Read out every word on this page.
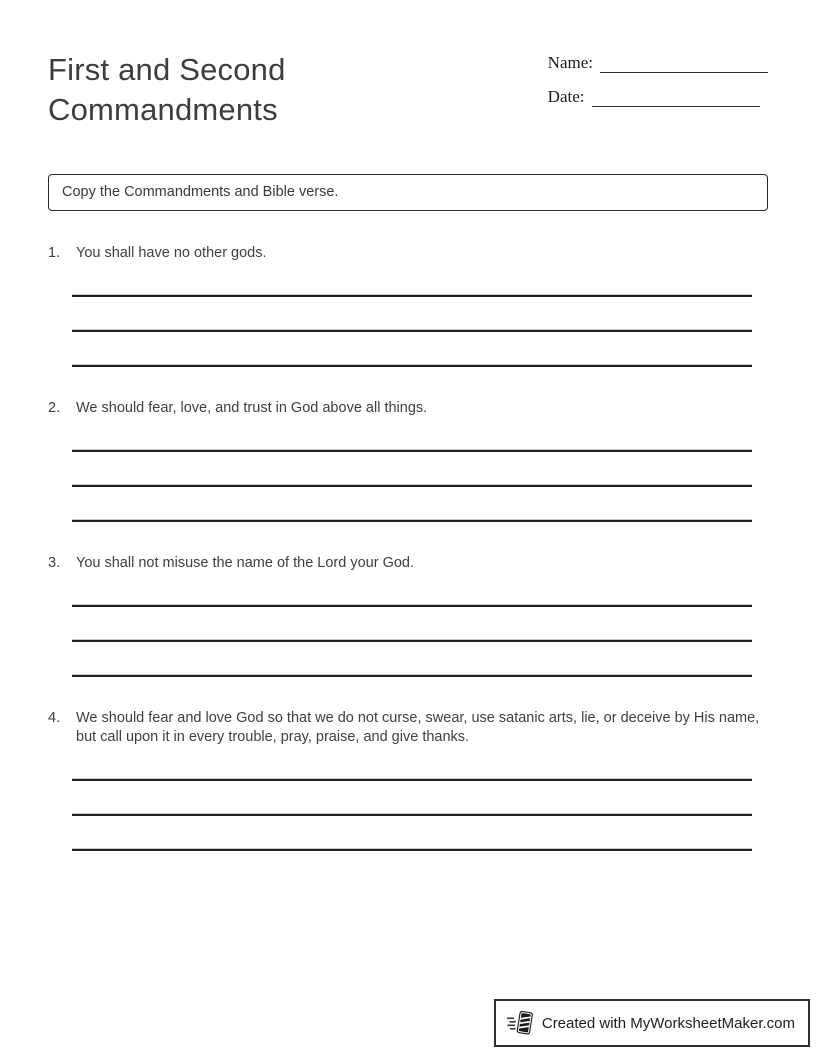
First and Second Commandments
Name:
Date:
Copy the Commandments and Bible verse.
1.	You shall have no other gods.
2.	We should fear, love, and trust in God above all things.
3.	You shall not misuse the name of the Lord your God.
4.	We should fear and love God so that we do not curse, swear, use satanic arts, lie, or deceive by His name, but call upon it in every trouble, pray, praise, and give thanks.
Created with MyWorksheetMaker.com
